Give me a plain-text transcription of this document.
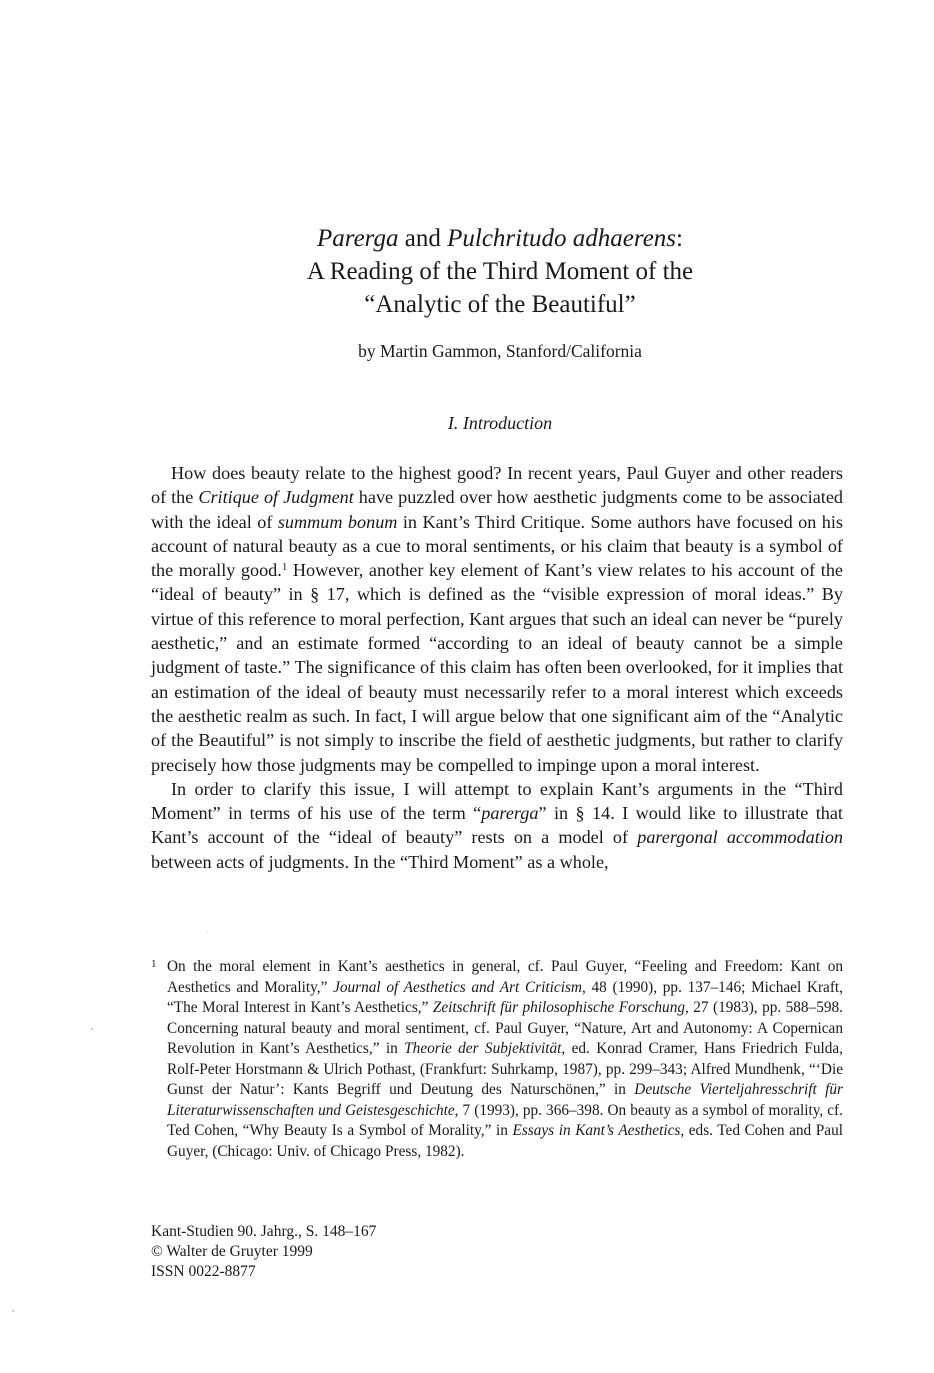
Parerga and Pulchritudo adhaerens:
A Reading of the Third Moment of the
“Analytic of the Beautiful”
by Martin Gammon, Stanford/California
I. Introduction

How does beauty relate to the highest good? In recent years, Paul Guyer and other readers of the Critique of Judgment have puzzled over how aesthetic judgments come to be associated with the ideal of summum bonum in Kant’s Third Critique. Some authors have focused on his account of natural beauty as a cue to moral sentiments, or his claim that beauty is a symbol of the morally good.$^1$ However, another key element of Kant’s view relates to his account of the “ideal of beauty” in § 17, which is defined as the “visible expression of moral ideas.” By virtue of this reference to moral perfection, Kant argues that such an ideal can never be “purely aesthetic,” and an estimate formed “according to an ideal of beauty cannot be a simple judgment of taste.” The significance of this claim has often been overlooked, for it implies that an estimation of the ideal of beauty must necessarily refer to a moral interest which exceeds the aesthetic realm as such. In fact, I will argue below that one significant aim of the “Analytic of the Beautiful” is not simply to inscribe the field of aesthetic judgments, but rather to clarify precisely how those judgments may be compelled to impinge upon a moral interest.

In order to clarify this issue, I will attempt to explain Kant’s arguments in the “Third Moment” in terms of his use of the term “parerga” in § 14. I would like to illustrate that Kant’s account of the “ideal of beauty” rests on a model of parergonal accommodation between acts of judgments. In the “Third Moment” as a whole,

1 On the moral element in Kant’s aesthetics in general, cf. Paul Guyer, “Feeling and Freedom: Kant on Aesthetics and Morality,” Journal of Aesthetics and Art Criticism, 48 (1990), pp. 137–146; Michael Kraft, “The Moral Interest in Kant’s Aesthetics,” Zeitschrift für philosophische Forschung, 27 (1983), pp. 588–598. Concerning natural beauty and moral sentiment, cf. Paul Guyer, “Nature, Art and Autonomy: A Copernican Revolution in Kant’s Aesthetics,” in Theorie der Subjektivität, ed. Konrad Cramer, Hans Friedrich Fulda, Rolf-Peter Horstmann & Ulrich Pothast, (Frankfurt: Suhrkamp, 1987), pp. 299–343; Alfred Mundhenk, “‘Die Gunst der Natur’: Kants Begriff und Deutung des Naturschönen,” in Deutsche Vierteljahresschrift für Literaturwissenschaften und Geistesgeschichte, 7 (1993), pp. 366–398. On beauty as a symbol of morality, cf. Ted Cohen, “Why Beauty Is a Symbol of Morality,” in Essays in Kant’s Aesthetics, eds. Ted Cohen and Paul Guyer, (Chicago: Univ. of Chicago Press, 1982).
Kant-Studien 90. Jahrg., S. 148–167
© Walter de Gruyter 1999
ISSN 0022-8877
